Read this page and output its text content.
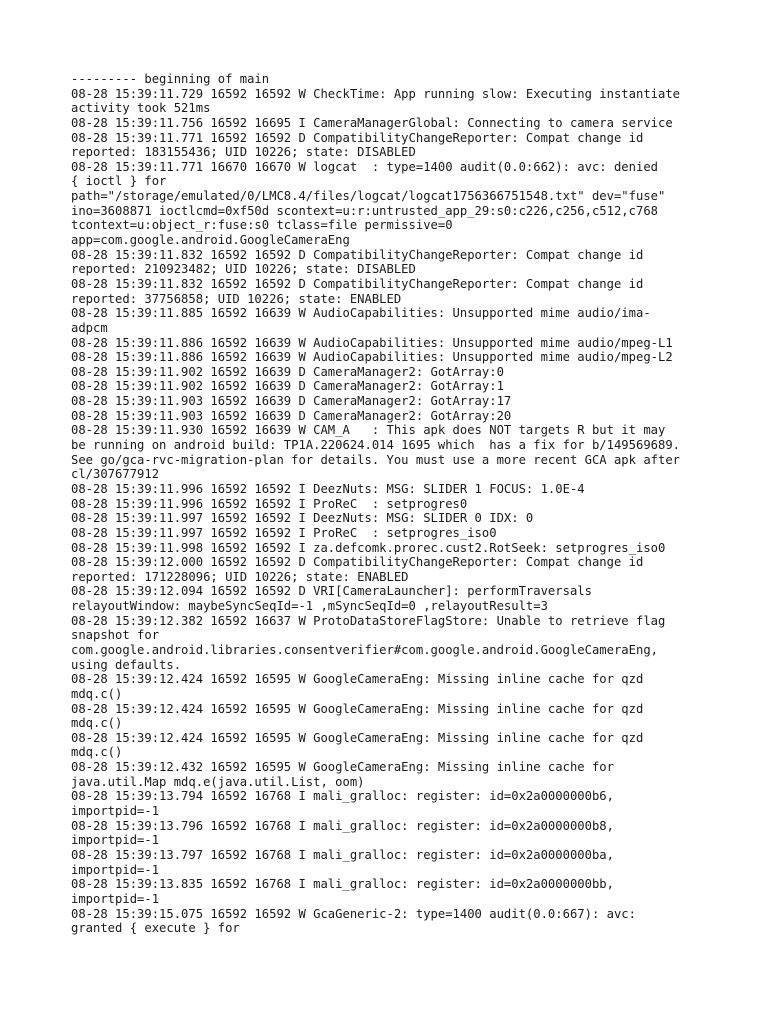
--------- beginning of main
08-28 15:39:11.729 16592 16592 W CheckTime: App running slow: Executing instantiate
activity took 521ms
08-28 15:39:11.756 16592 16695 I CameraManagerGlobal: Connecting to camera service
08-28 15:39:11.771 16592 16592 D CompatibilityChangeReporter: Compat change id
reported: 183155436; UID 10226; state: DISABLED
08-28 15:39:11.771 16670 16670 W logcat  : type=1400 audit(0.0:662): avc: denied
{ ioctl } for
path="/storage/emulated/0/LMC8.4/files/logcat/logcat1756366751548.txt" dev="fuse"
ino=3608871 ioctlcmd=0xf50d scontext=u:r:untrusted_app_29:s0:c226,c256,c512,c768
tcontext=u:object_r:fuse:s0 tclass=file permissive=0
app=com.google.android.GoogleCameraEng
08-28 15:39:11.832 16592 16592 D CompatibilityChangeReporter: Compat change id
reported: 210923482; UID 10226; state: DISABLED
08-28 15:39:11.832 16592 16592 D CompatibilityChangeReporter: Compat change id
reported: 37756858; UID 10226; state: ENABLED
08-28 15:39:11.885 16592 16639 W AudioCapabilities: Unsupported mime audio/ima-
adpcm
08-28 15:39:11.886 16592 16639 W AudioCapabilities: Unsupported mime audio/mpeg-L1
08-28 15:39:11.886 16592 16639 W AudioCapabilities: Unsupported mime audio/mpeg-L2
08-28 15:39:11.902 16592 16639 D CameraManager2: GotArray:0
08-28 15:39:11.902 16592 16639 D CameraManager2: GotArray:1
08-28 15:39:11.903 16592 16639 D CameraManager2: GotArray:17
08-28 15:39:11.903 16592 16639 D CameraManager2: GotArray:20
08-28 15:39:11.930 16592 16639 W CAM_A   : This apk does NOT targets R but it may
be running on android build: TP1A.220624.014 1695 which  has a fix for b/149569689.
See go/gca-rvc-migration-plan for details. You must use a more recent GCA apk after
cl/307677912
08-28 15:39:11.996 16592 16592 I DeezNuts: MSG: SLIDER 1 FOCUS: 1.0E-4
08-28 15:39:11.996 16592 16592 I ProReC  : setprogres0
08-28 15:39:11.997 16592 16592 I DeezNuts: MSG: SLIDER 0 IDX: 0
08-28 15:39:11.997 16592 16592 I ProReC  : setprogres_iso0
08-28 15:39:11.998 16592 16592 I za.defcomk.prorec.cust2.RotSeek: setprogres_iso0
08-28 15:39:12.000 16592 16592 D CompatibilityChangeReporter: Compat change id
reported: 171228096; UID 10226; state: ENABLED
08-28 15:39:12.094 16592 16592 D VRI[CameraLauncher]: performTraversals
relayoutWindow: maybeSyncSeqId=-1 ,mSyncSeqId=0 ,relayoutResult=3
08-28 15:39:12.382 16592 16637 W ProtoDataStoreFlagStore: Unable to retrieve flag
snapshot for
com.google.android.libraries.consentverifier#com.google.android.GoogleCameraEng,
using defaults.
08-28 15:39:12.424 16592 16595 W GoogleCameraEng: Missing inline cache for qzd
mdq.c()
08-28 15:39:12.424 16592 16595 W GoogleCameraEng: Missing inline cache for qzd
mdq.c()
08-28 15:39:12.424 16592 16595 W GoogleCameraEng: Missing inline cache for qzd
mdq.c()
08-28 15:39:12.432 16592 16595 W GoogleCameraEng: Missing inline cache for
java.util.Map mdq.e(java.util.List, oom)
08-28 15:39:13.794 16592 16768 I mali_gralloc: register: id=0x2a0000000b6,
importpid=-1
08-28 15:39:13.796 16592 16768 I mali_gralloc: register: id=0x2a0000000b8,
importpid=-1
08-28 15:39:13.797 16592 16768 I mali_gralloc: register: id=0x2a0000000ba,
importpid=-1
08-28 15:39:13.835 16592 16768 I mali_gralloc: register: id=0x2a0000000bb,
importpid=-1
08-28 15:39:15.075 16592 16592 W GcaGeneric-2: type=1400 audit(0.0:667): avc:
granted { execute } for
